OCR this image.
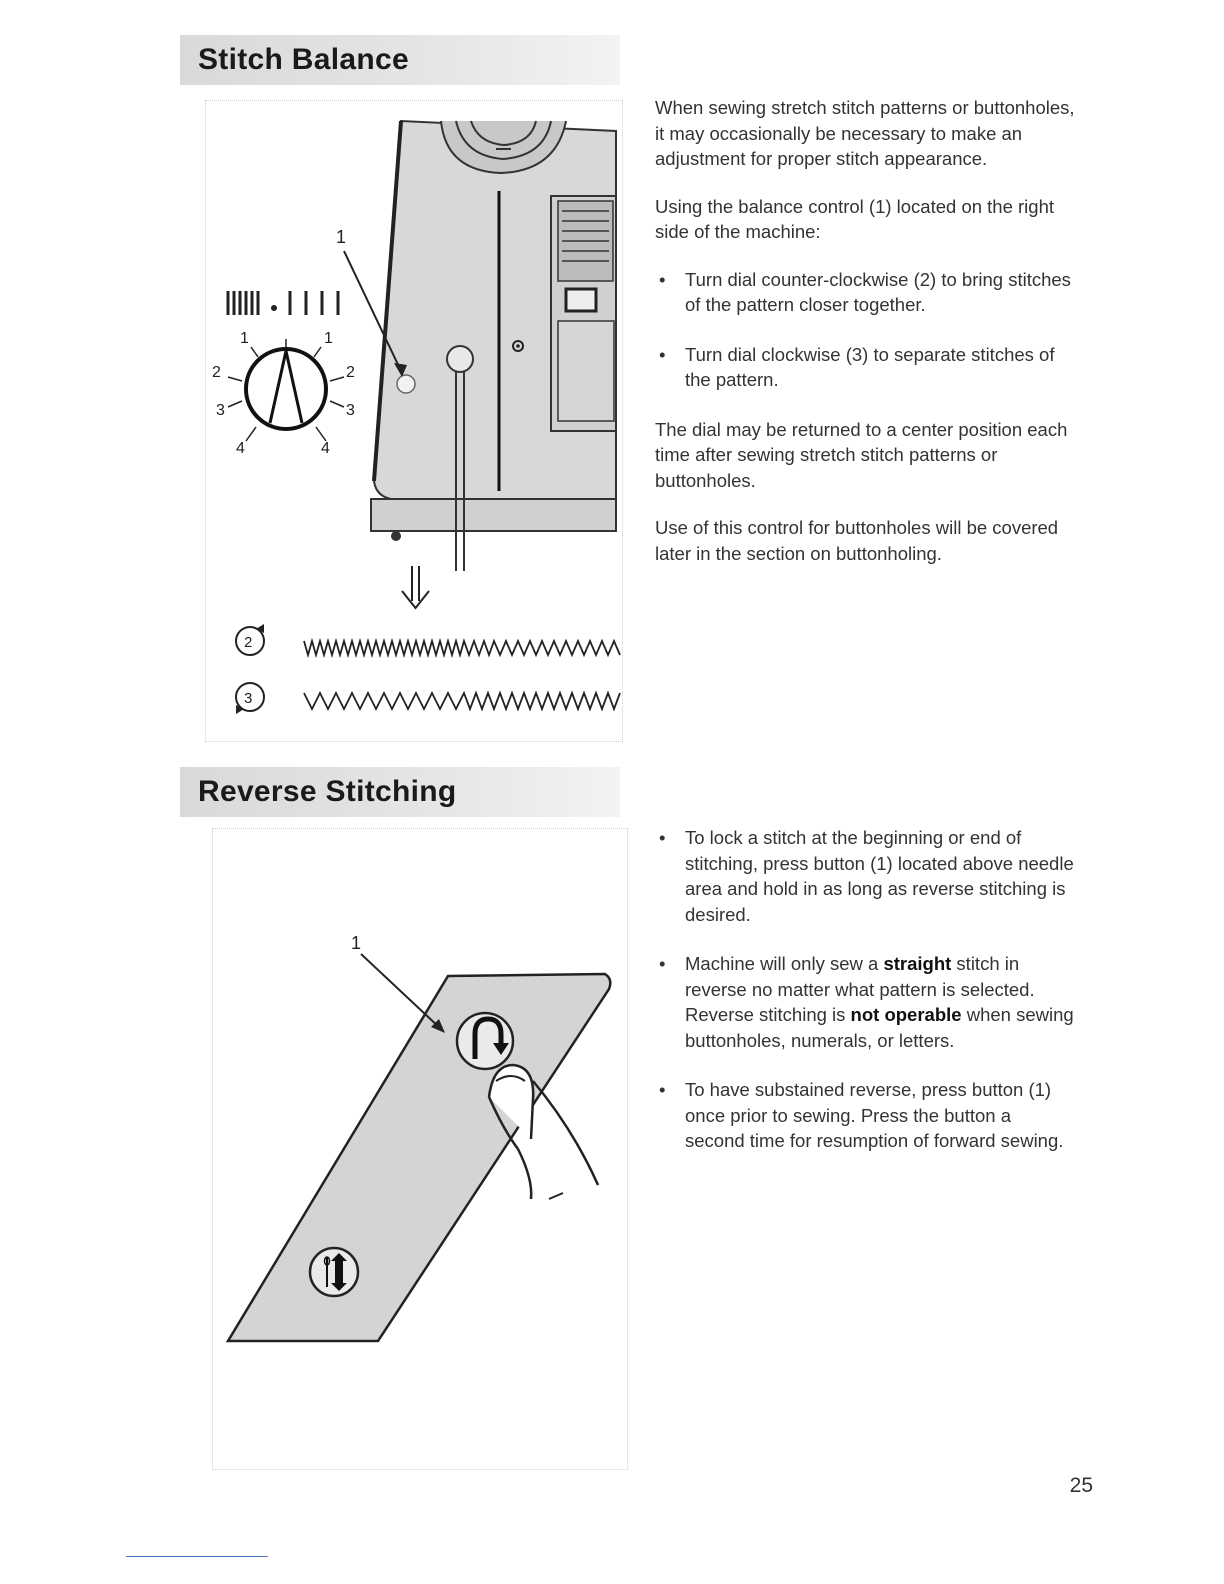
Stitch Balance
1
1
2
3
4
1
2
3
4
2
3

When sewing stretch stitch patterns or buttonholes, it may occasionally be necessary to make an adjustment for proper stitch appearance.

Using the balance control (1) located on the right side of the machine:

• Turn dial counter-clockwise (2) to bring stitches of the pattern closer together.
• Turn dial clockwise (3) to separate stitches of the pattern.

The dial may be returned to a center position each time after sewing stretch stitch patterns or buttonholes.

Use of this control for buttonholes will be covered later in the section on buttonholing.

Reverse Stitching
1
• To lock a stitch at the beginning or end of stitching, press button (1) located above needle area and hold in as long as reverse stitching is desired.
• Machine will only sew a straight stitch in reverse no matter what pattern is selected. Reverse stitching is not operable when sewing buttonholes, numerals, or letters.
• To have substained reverse, press button (1) once prior to sewing. Press the button a second time for resumption of forward sewing.
25
